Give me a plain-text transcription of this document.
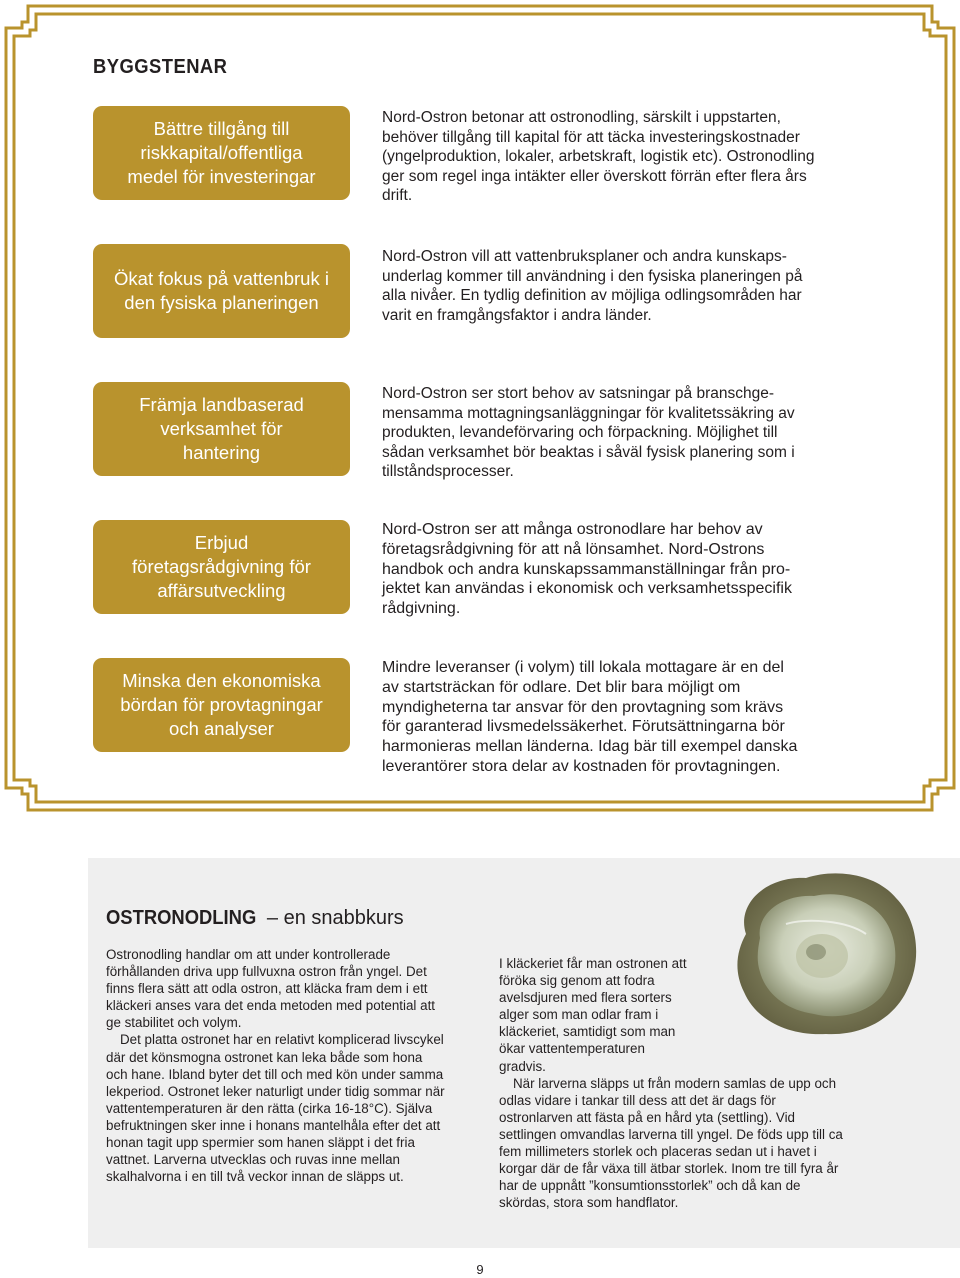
BYGGSTENAR
Bättre tillgång till riskkapital/offentliga medel för investeringar
Nord-Ostron betonar att ostronodling, särskilt i uppstarten, behöver tillgång till kapital för att täcka investeringskostnader (yngelproduktion, lokaler, arbetskraft, logistik etc). Ostronodling ger som regel inga intäkter eller överskott förrän efter flera års drift.
Ökat fokus på vattenbruk i den fysiska planeringen
Nord-Ostron vill att vattenbruksplaner och andra kunskapsunderlag kommer till användning i den fysiska planeringen på alla nivåer. En tydlig definition av möjliga odlingsområden har varit en framgångsfaktor i andra länder.
Främja landbaserad verksamhet för hantering
Nord-Ostron ser stort behov av satsningar på branschgemensamma mottagningsanläggningar för kvalitetssäkring av produkten, levandeförvaring och förpackning. Möjlighet till sådan verksamhet bör beaktas i såväl fysisk planering som i tillståndsprocesser.
Erbjud företagsrådgivning för affärsutveckling
Nord-Ostron ser att många ostronodlare har behov av företagsrådgivning för att nå lönsamhet. Nord-Ostrons handbok och andra kunskapssammanställningar från projektet kan användas i ekonomisk och verksamhetsspecifik rådgivning.
Minska den ekonomiska bördan för provtagningar och analyser
Mindre leveranser (i volym) till lokala mottagare är en del av startsträckan för odlare. Det blir bara möjligt om myndigheterna tar ansvar för den provtagning som krävs för garanterad livsmedelssäkerhet. Förutsättningarna bör harmonieras mellan länderna. Idag bär till exempel danska leverantörer stora delar av kostnaden för provtagningen.
OSTRONODLING – en snabbkurs

Ostronodling handlar om att under kontrollerade förhållanden driva upp fullvuxna ostron från yngel. Det finns flera sätt att odla ostron, att kläcka fram dem i ett kläckeri anses vara det enda metoden med potential att ge stabilitet och volym.

Det platta ostronet har en relativt komplicerad livscykel där det könsmogna ostronet kan leka både som hona och hane. Ibland byter det till och med kön under samma lekperiod. Ostronet leker naturligt under tidig sommar när vattentemperaturen är den rätta (cirka 16-18°C). Själva befruktningen sker inne i honans mantelhåla efter det att honan tagit upp spermier som hanen släppt i det fria vattnet. Larverna utvecklas och ruvas inne mellan skalhalvorna i en till två veckor innan de släpps ut.

I kläckeriet får man ostronen att föröka sig genom att fodra avelsdjuren med flera sorters alger som man odlar fram i kläckeriet, samtidigt som man ökar vattentemperaturen gradvis.

När larverna släpps ut från modern samlas de upp och odlas vidare i tankar till dess att det är dags för ostronlarven att fästa på en hård yta (settling). Vid settlingen omvandlas larverna till yngel. De föds upp till ca fem millimeters storlek och placeras sedan ut i havet i korgar där de får växa till ätbar storlek. Inom tre till fyra år har de uppnått ”konsumtionsstorlek” och då kan de skördas, stora som handflator.

9
